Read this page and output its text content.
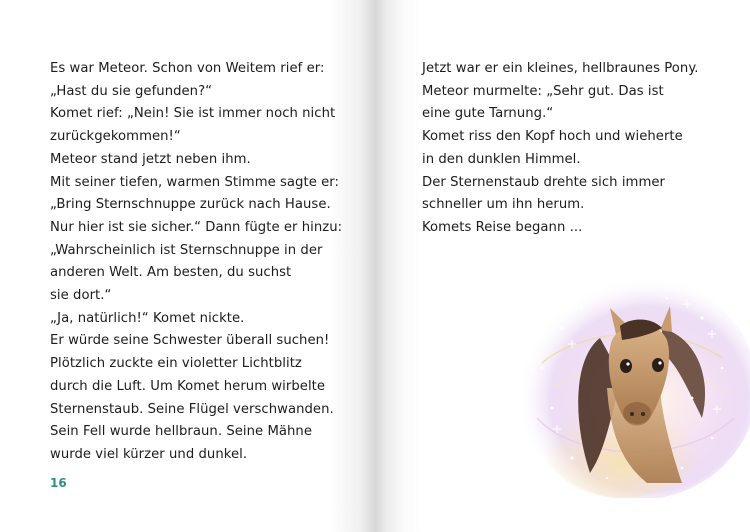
Es war Meteor. Schon von Weitem rief er:
„Hast du sie gefunden?“
Komet rief: „Nein! Sie ist immer noch nicht
zurückgekommen!“
Meteor stand jetzt neben ihm.
Mit seiner tiefen, warmen Stimme sagte er:
„Bring Sternschnuppe zurück nach Hause.
Nur hier ist sie sicher.“ Dann fügte er hinzu:
„Wahrscheinlich ist Sternschnuppe in der
anderen Welt. Am besten, du suchst
sie dort.“
„Ja, natürlich!“ Komet nickte.
Er würde seine Schwester überall suchen!
Plötzlich zuckte ein violetter Lichtblitz
durch die Luft. Um Komet herum wirbelte
Sternenstaub. Seine Flügel verschwanden.
Sein Fell wurde hellbraun. Seine Mähne
wurde viel kürzer und dunkel.
16
Jetzt war er ein kleines, hellbraunes Pony.
Meteor murmelte: „Sehr gut. Das ist
eine gute Tarnung.“
Komet riss den Kopf hoch und wieherte
in den dunklen Himmel.
Der Sternenstaub drehte sich immer
schneller um ihn herum.
Komets Reise begann ...
